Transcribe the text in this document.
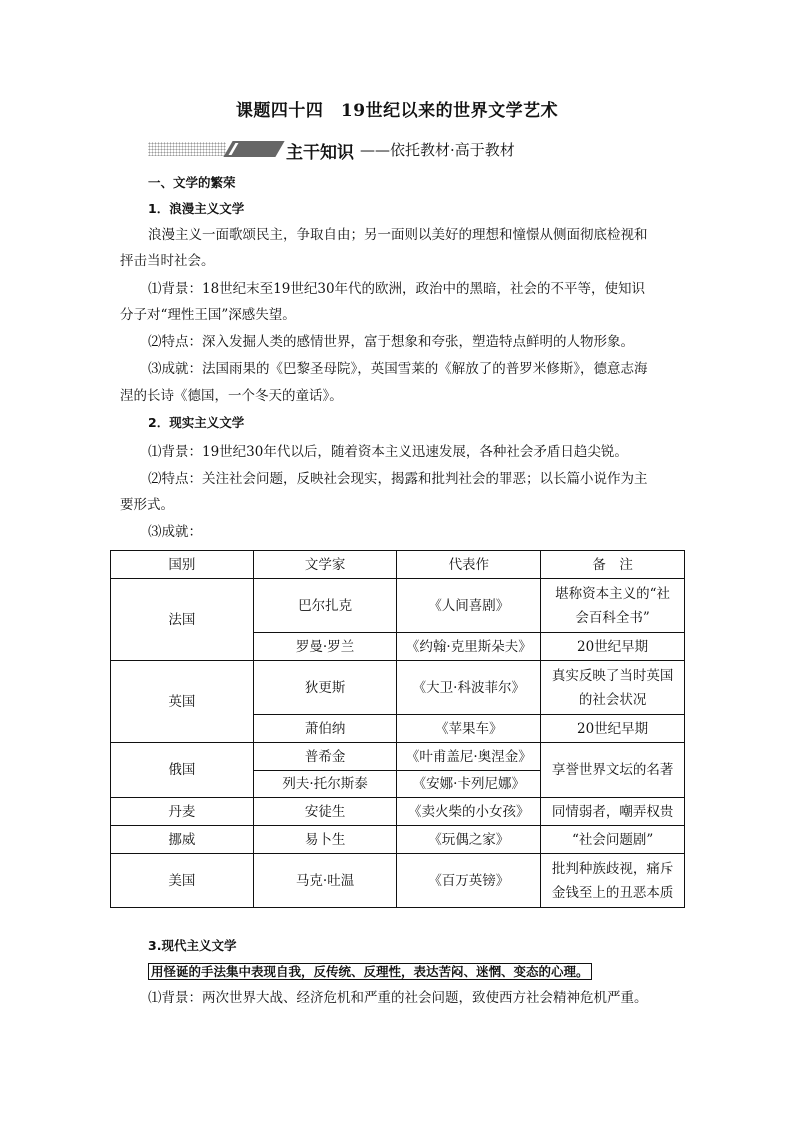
课题四十四　19世纪以来的世界文学艺术
主干知识 ——依托教材·高于教材
一、文学的繁荣
1．浪漫主义文学
浪漫主义一面歌颂民主，争取自由；另一面则以美好的理想和憧憬从侧面彻底检视和
抨击当时社会。
⑴背景：18世纪末至19世纪30年代的欧洲，政治中的黑暗，社会的不平等，使知识
分子对“理性王国”深感失望。
⑵特点：深入发掘人类的感情世界，富于想象和夸张，塑造特点鲜明的人物形象。
⑶成就：法国雨果的《巴黎圣母院》，英国雪莱的《解放了的普罗米修斯》，德意志海
涅的长诗《德国，一个冬天的童话》。
2．现实主义文学
⑴背景：19世纪30年代以后，随着资本主义迅速发展，各种社会矛盾日趋尖锐。
⑵特点：关注社会问题，反映社会现实，揭露和批判社会的罪恶；以长篇小说作为主
要形式。
⑶成就：
国别	文学家	代表作	备　注
法国	巴尔扎克	《人间喜剧》	堪称资本主义的“社
会百科全书”

	罗曼·罗兰	《约翰·克里斯朵夫》	20世纪早期
英国	狄更斯	《大卫·科波菲尔》	真实反映了当时英国
的社会状况

	萧伯纳	《苹果车》	20世纪早期
俄国	普希金	《叶甫盖尼·奥涅金》	享誉世界文坛的名著
	列夫·托尔斯泰	《安娜·卡列尼娜》	
丹麦	安徒生	《卖火柴的小女孩》	同情弱者，嘲弄权贵
挪威	易卜生	《玩偶之家》	“社会问题剧”
美国	马克·吐温	《百万英镑》	批判种族歧视，痛斥
金钱至上的丑恶本质
3.现代主义文学
用怪诞的手法集中表现自我，反传统、反理性，表达苦闷、迷惘、变态的心理。
⑴背景：两次世界大战、经济危机和严重的社会问题，致使西方社会精神危机严重。
